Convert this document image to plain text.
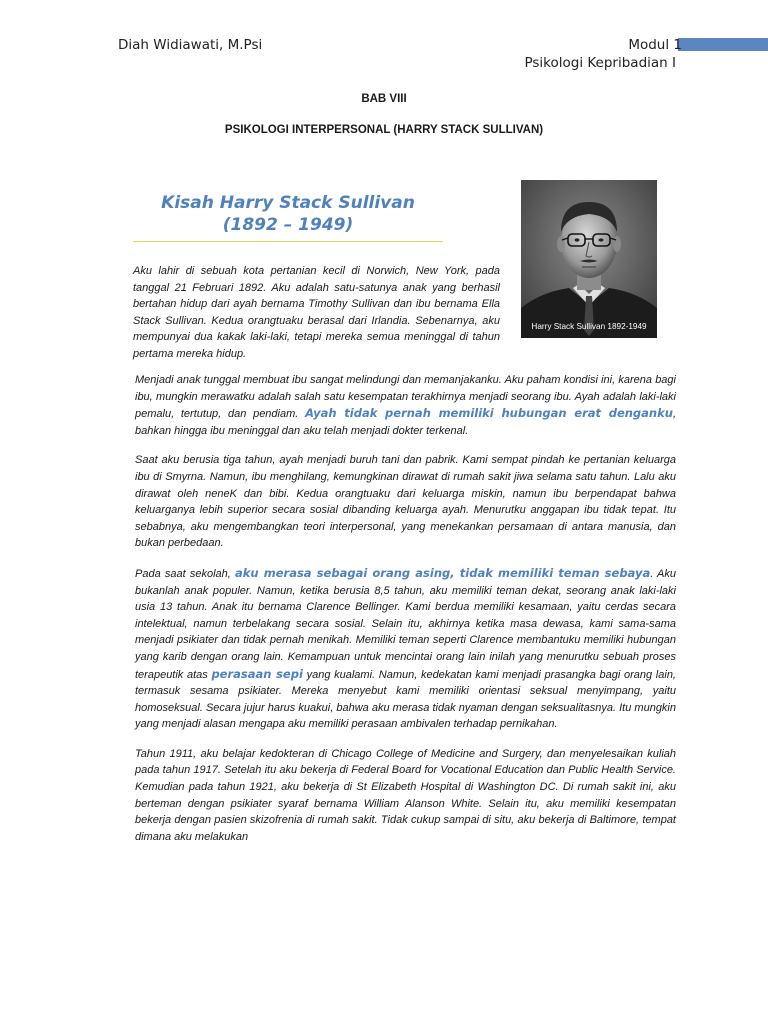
Diah Widiawati, M.Psi	Modul 1
Psikologi Kepribadian I
BAB VIII
PSIKOLOGI INTERPERSONAL (HARRY STACK SULLIVAN)
Kisah Harry Stack Sullivan
(1892 – 1949)
Harry Stack Sullivan 1892-1949

Aku lahir di sebuah kota pertanian kecil di Norwich, New York, pada tanggal 21 Februari 1892. Aku adalah satu-satunya anak yang berhasil bertahan hidup dari ayah bernama Timothy Sullivan dan ibu bernama Ella Stack Sullivan. Kedua orangtuaku berasal dari Irlandia. Sebenarnya, aku mempunyai dua kakak laki-laki, tetapi mereka semua meninggal di tahun pertama mereka hidup.

Menjadi anak tunggal membuat ibu sangat melindungi dan memanjakanku. Aku paham kondisi ini, karena bagi ibu, mungkin merawatku adalah salah satu kesempatan terakhirnya menjadi seorang ibu. Ayah adalah laki-laki pemalu, tertutup, dan pendiam. Ayah tidak pernah memiliki hubungan erat denganku, bahkan hingga ibu meninggal dan aku telah menjadi dokter terkenal.

Saat aku berusia tiga tahun, ayah menjadi buruh tani dan pabrik. Kami sempat pindah ke pertanian keluarga ibu di Smyrna. Namun, ibu menghilang, kemungkinan dirawat di rumah sakit jiwa selama satu tahun. Lalu aku dirawat oleh neneK dan bibi. Kedua orangtuaku dari keluarga miskin, namun ibu berpendapat bahwa keluarganya lebih superior secara sosial dibanding keluarga ayah. Menurutku anggapan ibu tidak tepat. Itu sebabnya, aku mengembangkan teori interpersonal, yang menekankan persamaan di antara manusia, dan bukan perbedaan.

Pada saat sekolah, aku merasa sebagai orang asing, tidak memiliki teman sebaya. Aku bukanlah anak populer. Namun, ketika berusia 8,5 tahun, aku memiliki teman dekat, seorang anak laki-laki usia 13 tahun. Anak itu bernama Clarence Bellinger. Kami berdua memiliki kesamaan, yaitu cerdas secara intelektual, namun terbelakang secara sosial. Selain itu, akhirnya ketika masa dewasa, kami sama-sama menjadi psikiater dan tidak pernah menikah. Memiliki teman seperti Clarence membantuku memiliki hubungan yang karib dengan orang lain. Kemampuan untuk mencintai orang lain inilah yang menurutku sebuah proses terapeutik atas perasaan sepi yang kualami. Namun, kedekatan kami menjadi prasangka bagi orang lain, termasuk sesama psikiater. Mereka menyebut kami memiliki orientasi seksual menyimpang, yaitu homoseksual. Secara jujur harus kuakui, bahwa aku merasa tidak nyaman dengan seksualitasnya. Itu mungkin yang menjadi alasan mengapa aku memiliki perasaan ambivalen terhadap pernikahan.

Tahun 1911, aku belajar kedokteran di Chicago College of Medicine and Surgery, dan menyelesaikan kuliah pada tahun 1917. Setelah itu aku bekerja di Federal Board for Vocational Education dan Public Health Service. Kemudian pada tahun 1921, aku bekerja di St Elizabeth Hospital di Washington DC. Di rumah sakit ini, aku berteman dengan psikiater syaraf bernama William Alanson White. Selain itu, aku memiliki kesempatan bekerja dengan pasien skizofrenia di rumah sakit. Tidak cukup sampai di situ, aku bekerja di Baltimore, tempat dimana aku melakukan
